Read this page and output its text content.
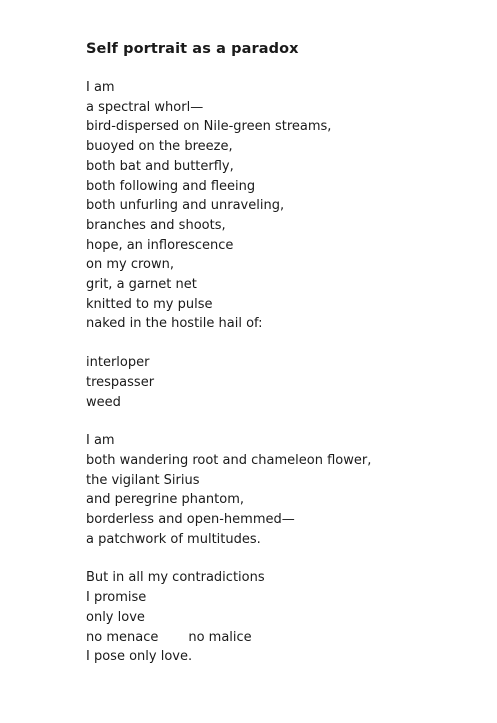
Self portrait as a paradox
I am
a spectral whorl—
bird-dispersed on Nile-green streams,
buoyed on the breeze,
both bat and butterfly,
both following and fleeing
both unfurling and unraveling,
branches and shoots,
hope, an inflorescence
on my crown,
grit, a garnet net
knitted to my pulse
naked in the hostile hail of:
interloper
trespasser
weed
I am
both wandering root and chameleon flower,
the vigilant Sirius
and peregrine phantom,
borderless and open-hemmed—
a patchwork of multitudes.
But in all my contradictions
I promise
only love
no menace no malice
I pose only love.
